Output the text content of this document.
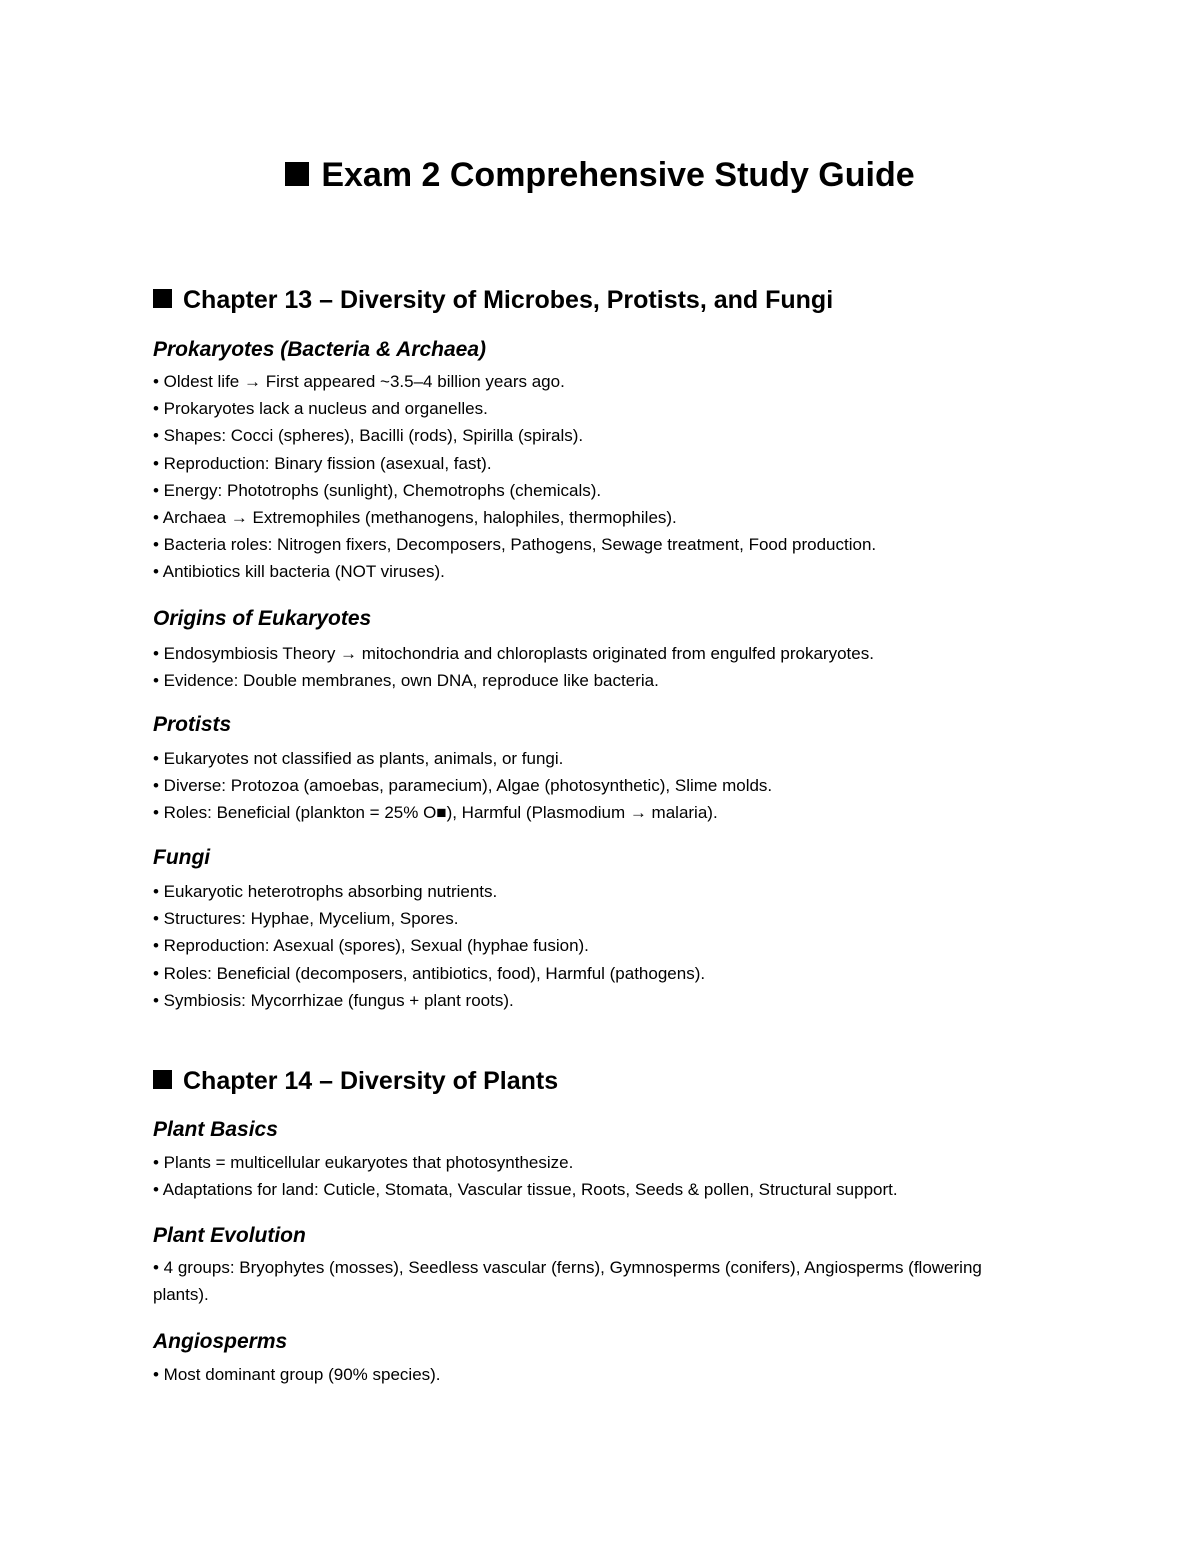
Exam 2 Comprehensive Study Guide
Chapter 13 – Diversity of Microbes, Protists, and Fungi
Prokaryotes (Bacteria & Archaea)
• Oldest life → First appeared ~3.5–4 billion years ago.
• Prokaryotes lack a nucleus and organelles.
• Shapes: Cocci (spheres), Bacilli (rods), Spirilla (spirals).
• Reproduction: Binary fission (asexual, fast).
• Energy: Phototrophs (sunlight), Chemotrophs (chemicals).
• Archaea → Extremophiles (methanogens, halophiles, thermophiles).
• Bacteria roles: Nitrogen fixers, Decomposers, Pathogens, Sewage treatment, Food production.
• Antibiotics kill bacteria (NOT viruses).
Origins of Eukaryotes
• Endosymbiosis Theory → mitochondria and chloroplasts originated from engulfed prokaryotes.
• Evidence: Double membranes, own DNA, reproduce like bacteria.
Protists
• Eukaryotes not classified as plants, animals, or fungi.
• Diverse: Protozoa (amoebas, paramecium), Algae (photosynthetic), Slime molds.
• Roles: Beneficial (plankton = 25% O■), Harmful (Plasmodium → malaria).
Fungi
• Eukaryotic heterotrophs absorbing nutrients.
• Structures: Hyphae, Mycelium, Spores.
• Reproduction: Asexual (spores), Sexual (hyphae fusion).
• Roles: Beneficial (decomposers, antibiotics, food), Harmful (pathogens).
• Symbiosis: Mycorrhizae (fungus + plant roots).
Chapter 14 – Diversity of Plants
Plant Basics
• Plants = multicellular eukaryotes that photosynthesize.
• Adaptations for land: Cuticle, Stomata, Vascular tissue, Roots, Seeds & pollen, Structural support.
Plant Evolution
• 4 groups: Bryophytes (mosses), Seedless vascular (ferns), Gymnosperms (conifers), Angiosperms (flowering plants).
Angiosperms
• Most dominant group (90% species).
